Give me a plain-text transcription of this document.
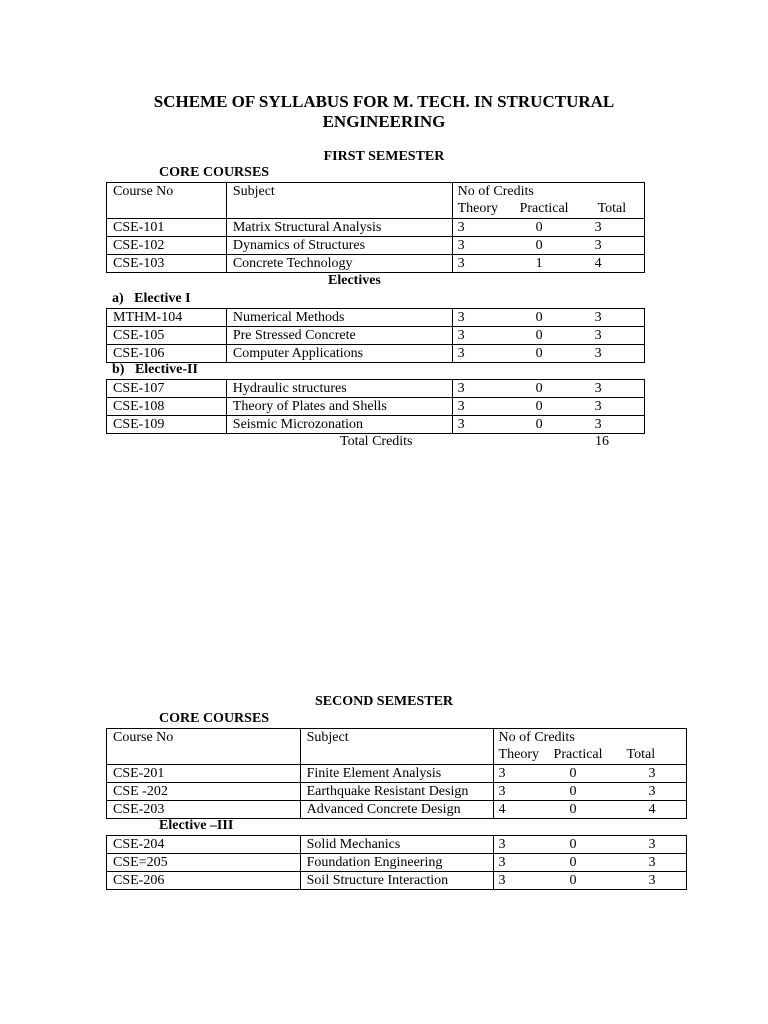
SCHEME OF SYLLABUS FOR M. TECH. IN STRUCTURAL
ENGINEERING
FIRST SEMESTER
CORE COURSES
Course No	Subject	No of Credits
Theory Practical Total

CSE-101	Matrix Structural Analysis	3 0 3

CSE-102	Dynamics of Structures	3 0 3

CSE-103	Concrete Technology	3 1 4
Electives
a)   Elective I
MTHM-104	Numerical Methods	3 0 3

CSE-105	Pre Stressed Concrete	3 0 3

CSE-106	Computer Applications	3 0 3
b)   Elective-II
CSE-107	Hydraulic structures	3 0 3

CSE-108	Theory of Plates and Shells	3 0 3

CSE-109	Seismic Microzonation	3 0 3
Total Credits	16
SECOND SEMESTER
CORE COURSES
Course No	Subject	No of Credits
Theory Practical Total

CSE-201	Finite Element Analysis	3 0 3

CSE -202	Earthquake Resistant Design	3 0 3

CSE-203	Advanced Concrete Design	4 0 4
Elective –III
CSE-204	Solid Mechanics	3 0 3

CSE=205	Foundation Engineering	3 0 3

CSE-206	Soil Structure Interaction	3 0 3
